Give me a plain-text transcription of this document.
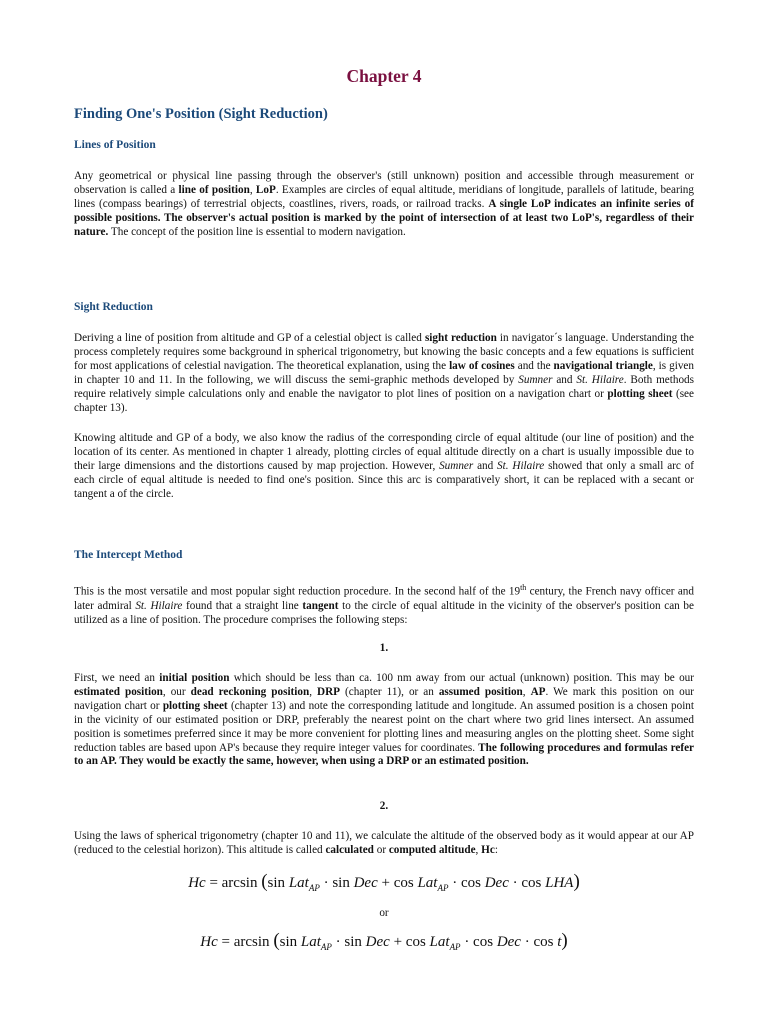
Chapter 4
Finding One's Position (Sight Reduction)
Lines of Position

Any geometrical or physical line passing through the observer's (still unknown) position and accessible through measurement or observation is called a line of position, LoP. Examples are circles of equal altitude, meridians of longitude, parallels of latitude, bearing lines (compass bearings) of terrestrial objects, coastlines, rivers, roads, or railroad tracks. A single LoP indicates an infinite series of possible positions. The observer's actual position is marked by the point of intersection of at least two LoP's, regardless of their nature. The concept of the position line is essential to modern navigation.

Sight Reduction

Deriving a line of position from altitude and GP of a celestial object is called sight reduction in navigator´s language. Understanding the process completely requires some background in spherical trigonometry, but knowing the basic concepts and a few equations is sufficient for most applications of celestial navigation. The theoretical explanation, using the law of cosines and the navigational triangle, is given in chapter 10 and 11. In the following, we will discuss the semi-graphic methods developed by Sumner and St. Hilaire. Both methods require relatively simple calculations only and enable the navigator to plot lines of position on a navigation chart or plotting sheet (see chapter 13).

Knowing altitude and GP of a body, we also know the radius of the corresponding circle of equal altitude (our line of position) and the location of its center. As mentioned in chapter 1 already, plotting circles of equal altitude directly on a chart is usually impossible due to their large dimensions and the distortions caused by map projection. However, Sumner and St. Hilaire showed that only a small arc of each circle of equal altitude is needed to find one's position. Since this arc is comparatively short, it can be replaced with a secant or tangent a of the circle.

The Intercept Method

This is the most versatile and most popular sight reduction procedure. In the second half of the 19th century, the French navy officer and later admiral St. Hilaire found that a straight line tangent to the circle of equal altitude in the vicinity of the observer's position can be utilized as a line of position. The procedure comprises the following steps:

1.

First, we need an initial position which should be less than ca. 100 nm away from our actual (unknown) position. This may be our estimated position, our dead reckoning position, DRP (chapter 11), or an assumed position, AP. We mark this position on our navigation chart or plotting sheet (chapter 13) and note the corresponding latitude and longitude. An assumed position is a chosen point in the vicinity of our estimated position or DRP, preferably the nearest point on the chart where two grid lines intersect. An assumed position is sometimes preferred since it may be more convenient for plotting lines and measuring angles on the plotting sheet. Some sight reduction tables are based upon AP's because they require integer values for coordinates. The following procedures and formulas refer to an AP. They would be exactly the same, however, when using a DRP or an estimated position.

2.

Using the laws of spherical trigonometry (chapter 10 and 11), we calculate the altitude of the observed body as it would appear at our AP (reduced to the celestial horizon). This altitude is called calculated or computed altitude, Hc:

Hc = arcsin (sin Lat$_{AP}$ · sin Dec + cos Lat$_{AP}$ · cos Dec · cos LHA)

or

Hc = arcsin (sin Lat$_{AP}$ · sin Dec + cos Lat$_{AP}$ · cos Dec · cos t)
